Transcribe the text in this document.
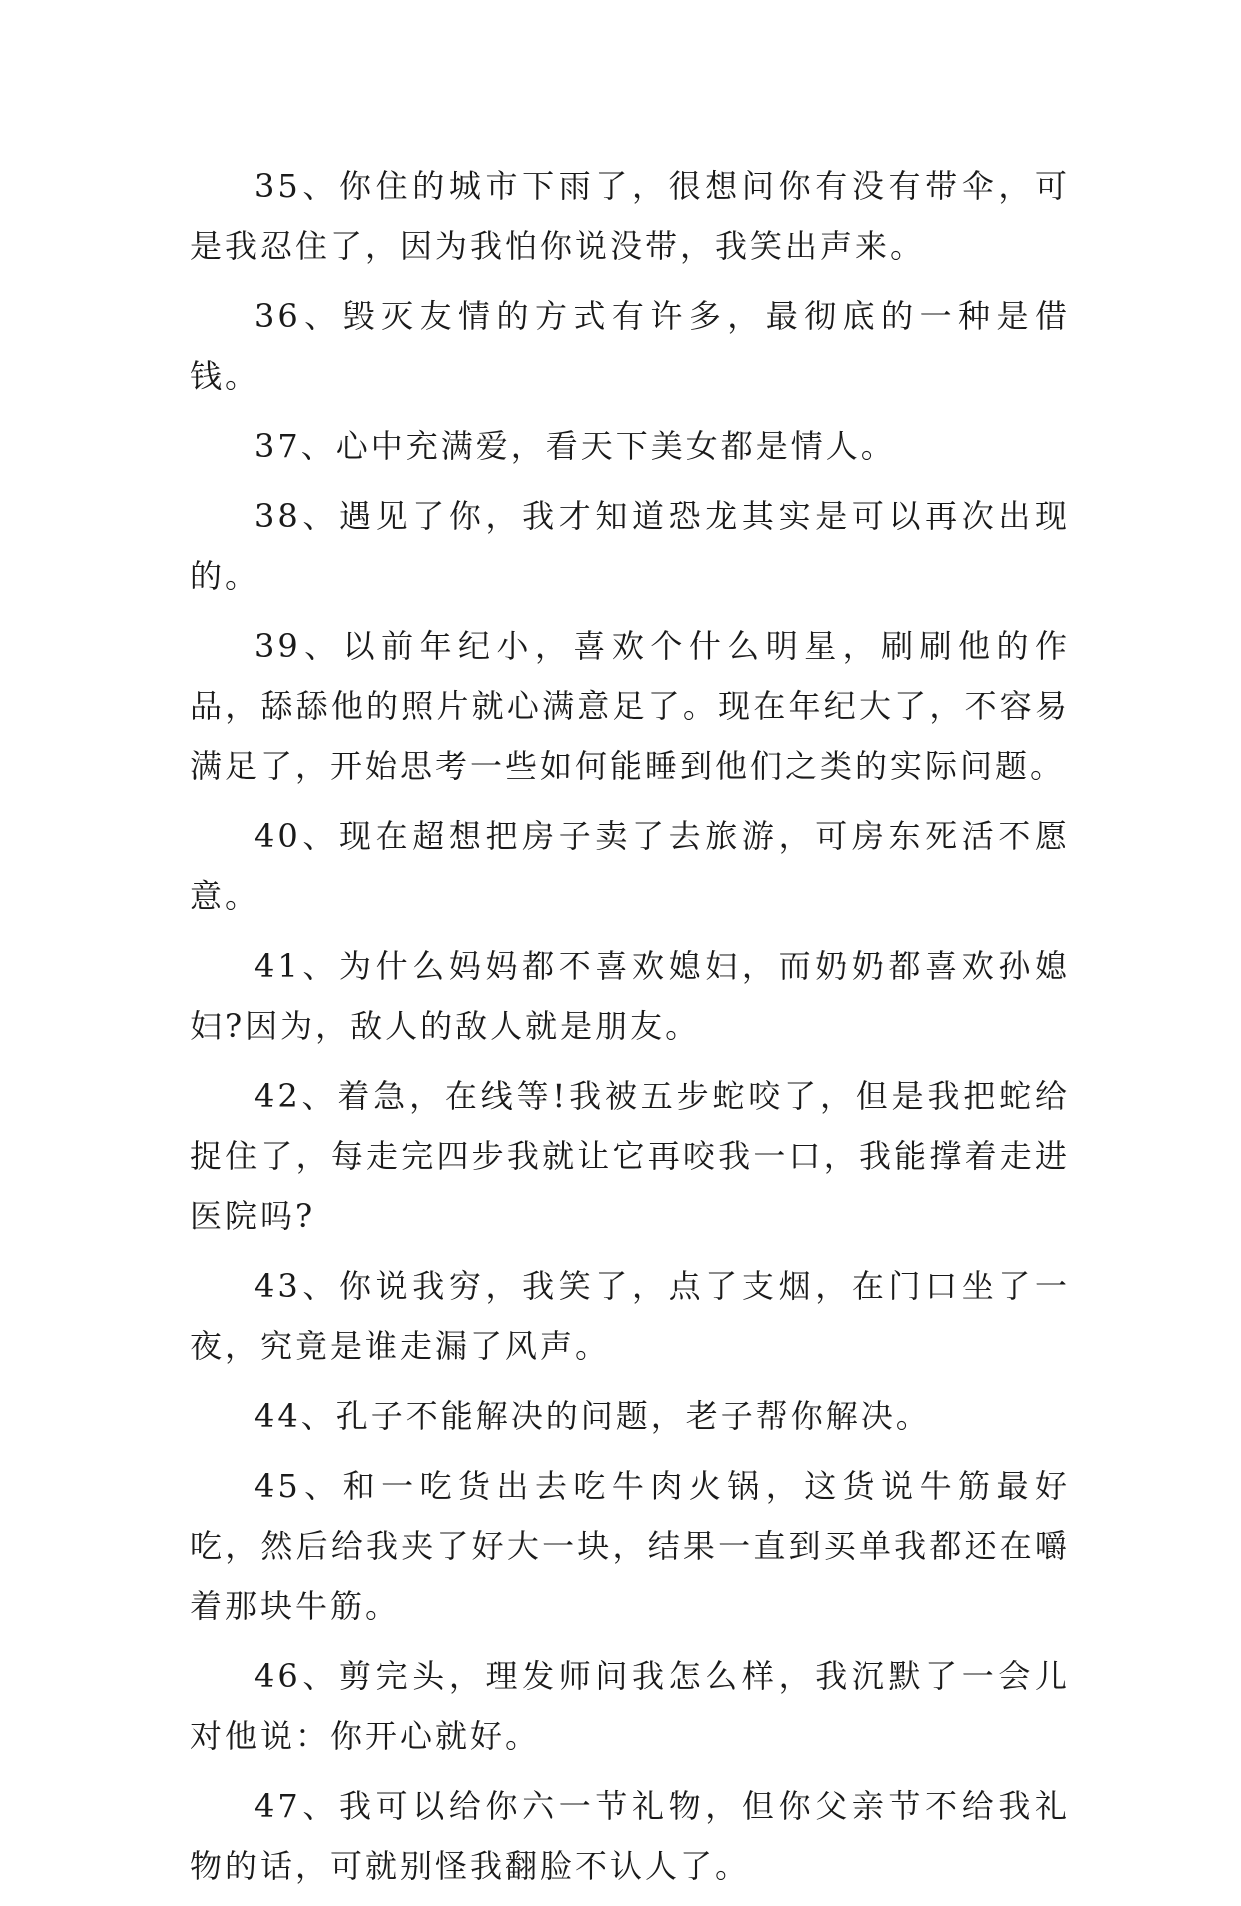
35、你住的城市下雨了，很想问你有没有带伞，可是我忍住了，因为我怕你说没带，我笑出声来。

36、毁灭友情的方式有许多，最彻底的一种是借钱。

37、心中充满爱，看天下美女都是情人。

38、遇见了你，我才知道恐龙其实是可以再次出现的。

39、以前年纪小，喜欢个什么明星，刷刷他的作品，舔舔他的照片就心满意足了。现在年纪大了，不容易满足了，开始思考一些如何能睡到他们之类的实际问题。

40、现在超想把房子卖了去旅游，可房东死活不愿意。

41、为什么妈妈都不喜欢媳妇，而奶奶都喜欢孙媳妇?因为，敌人的敌人就是朋友。

42、着急，在线等!我被五步蛇咬了，但是我把蛇给捉住了，每走完四步我就让它再咬我一口，我能撑着走进医院吗?

43、你说我穷，我笑了，点了支烟，在门口坐了一夜，究竟是谁走漏了风声。

44、孔子不能解决的问题，老子帮你解决。

45、和一吃货出去吃牛肉火锅，这货说牛筋最好吃，然后给我夹了好大一块，结果一直到买单我都还在嚼着那块牛筋。

46、剪完头，理发师问我怎么样，我沉默了一会儿对他说：你开心就好。

47、我可以给你六一节礼物，但你父亲节不给我礼物的话，可就别怪我翻脸不认人了。
